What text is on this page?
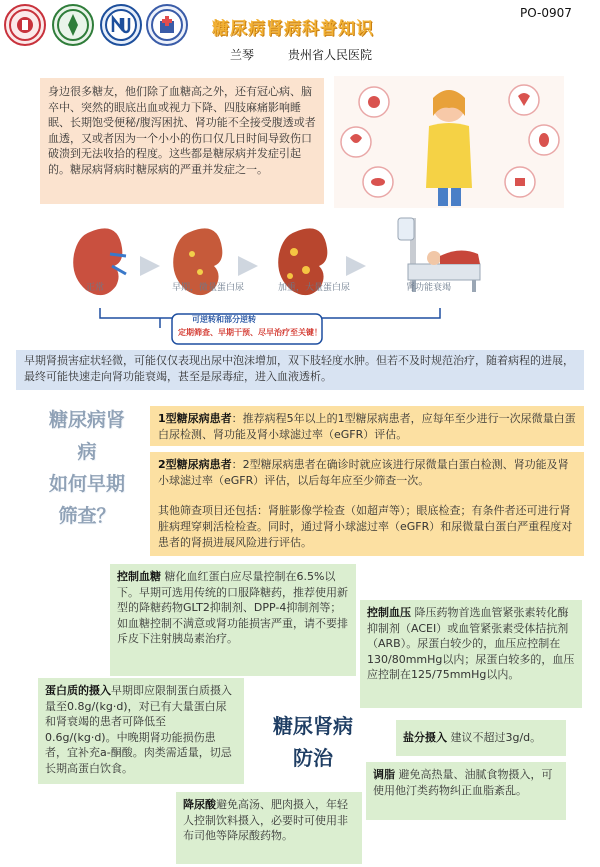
糖尿病肾病科普知识
PO-0907
兰琴	贵州省人民医院
身边很多糖友，他们除了血糖高之外，还有冠心病、脑卒中、突然的眼底出血或视力下降、四肢麻痛影响睡眠、长期饱受便秘/腹泻困扰、肾功能不全接受腹透或者血透，又或者因为一个小小的伤口仅几日时间导致伤口破溃到无法收拾的程度。这些都是糖尿病并发症引起的。糖尿病肾病时糖尿病的严重并发症之一。
正常	早期，微量蛋白尿	加重，大量蛋白尿	肾功能衰竭
可逆转和部分逆转
定期筛查、早期干预、尽早治疗至关键！
早期肾损害症状轻微，可能仅仅表现出尿中泡沫增加，双下肢轻度水肿。但若不及时规范治疗，随着病程的进展，最终可能快速走向肾功能衰竭，甚至是尿毒症，进入血液透析。
糖尿病肾
病
如何早期
筛查？
1型糖尿病患者：推荐病程5年以上的1型糖尿病患者，应每年至少进行一次尿微量白蛋白尿检测、肾功能及肾小球滤过率（eGFR）评估。
2型糖尿病患者：2型糖尿病患者在确诊时就应该进行尿微量白蛋白检测、肾功能及肾小球滤过率（eGFR）评估，以后每年应至少筛查一次。
其他筛查项目还包括：肾脏影像学检查（如超声等）；眼底检查；有条件者还可进行肾脏病理穿刺活检检查。同时，通过肾小球滤过率（eGFR）和尿微量白蛋白严重程度对患者的肾损进展风险进行评估。
控制血糖 糖化血红蛋白应尽量控制在6.5%以下。早期可选用传统的口服降糖药，推荐使用新型的降糖药物GLT2抑制剂、DPP-4抑制剂等；如血糖控制不满意或肾功能损害严重，请不要排斥皮下注射胰岛素治疗。
控制血压 降压药物首选血管紧张素转化酶抑制剂（ACEI）或血管紧张素受体拮抗剂（ARB）。尿蛋白较少的，血压应控制在130/80mmHg以内；尿蛋白较多的，血压应控制在125/75mmHg以内。
蛋白质的摄入早期即应限制蛋白质摄入量至0.8g/(kg·d)，对已有大量蛋白尿和肾衰竭的患者可降低至0.6g/(kg·d)。中晚期肾功能损伤患者，宜补充a-酮酸。肉类需适量，切忌长期高蛋白饮食。
糖尿肾病
防治
盐分摄入 建议不超过3g/d。
调脂 避免高热量、油腻食物摄入，可使用他汀类药物纠正血脂紊乱。
降尿酸避免高汤、肥肉摄入，年轻人控制饮料摄入，必要时可使用非布司他等降尿酸药物。
